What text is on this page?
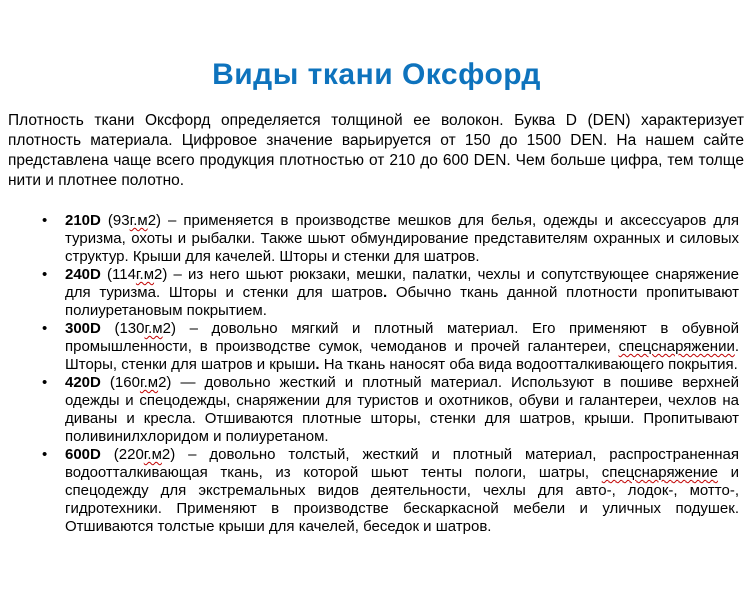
Виды ткани Оксфорд

Плотность ткани Оксфорд определяется толщиной ее волокон. Буква D (DEN) характеризует плотность материала. Цифровое значение варьируется от 150 до 1500 DEN. На нашем сайте представлена чаще всего продукция плотностью от 210 до 600 DEN. Чем больше цифра, тем толще нити и плотнее полотно.

• 210D (93г.м2) – применяется в производстве мешков для белья, одежды и аксессуаров для туризма, охоты и рыбалки. Также шьют обмундирование представителям охранных и силовых структур. Крыши для качелей. Шторы и стенки для шатров.
• 240D (114г.м2) – из него шьют рюкзаки, мешки, палатки, чехлы и сопутствующее снаряжение для туризма. Шторы и стенки для шатров. Обычно ткань данной плотности пропитывают полиуретановым покрытием.
• 300D (130г.м2) – довольно мягкий и плотный материал. Его применяют в обувной промышленности, в производстве сумок, чемоданов и прочей галантереи, спецснаряжении. Шторы, стенки для шатров и крыши. На ткань наносят оба вида водоотталкивающего покрытия.
• 420D (160г.м2) — довольно жесткий и плотный материал. Используют в пошиве верхней одежды и спецодежды, снаряжении для туристов и охотников, обуви и галантереи, чехлов на диваны и кресла. Отшиваются плотные шторы, стенки для шатров, крыши. Пропитывают поливинилхлоридом и полиуретаном.
• 600D (220г.м2) – довольно толстый, жесткий и плотный материал, распространенная водоотталкивающая ткань, из которой шьют тенты пологи, шатры, спецснаряжение и спецодежду для экстремальных видов деятельности, чехлы для авто-, лодок-, мотто-, гидротехники. Применяют в производстве бескаркасной мебели и уличных подушек. Отшиваются толстые крыши для качелей, беседок и шатров.
